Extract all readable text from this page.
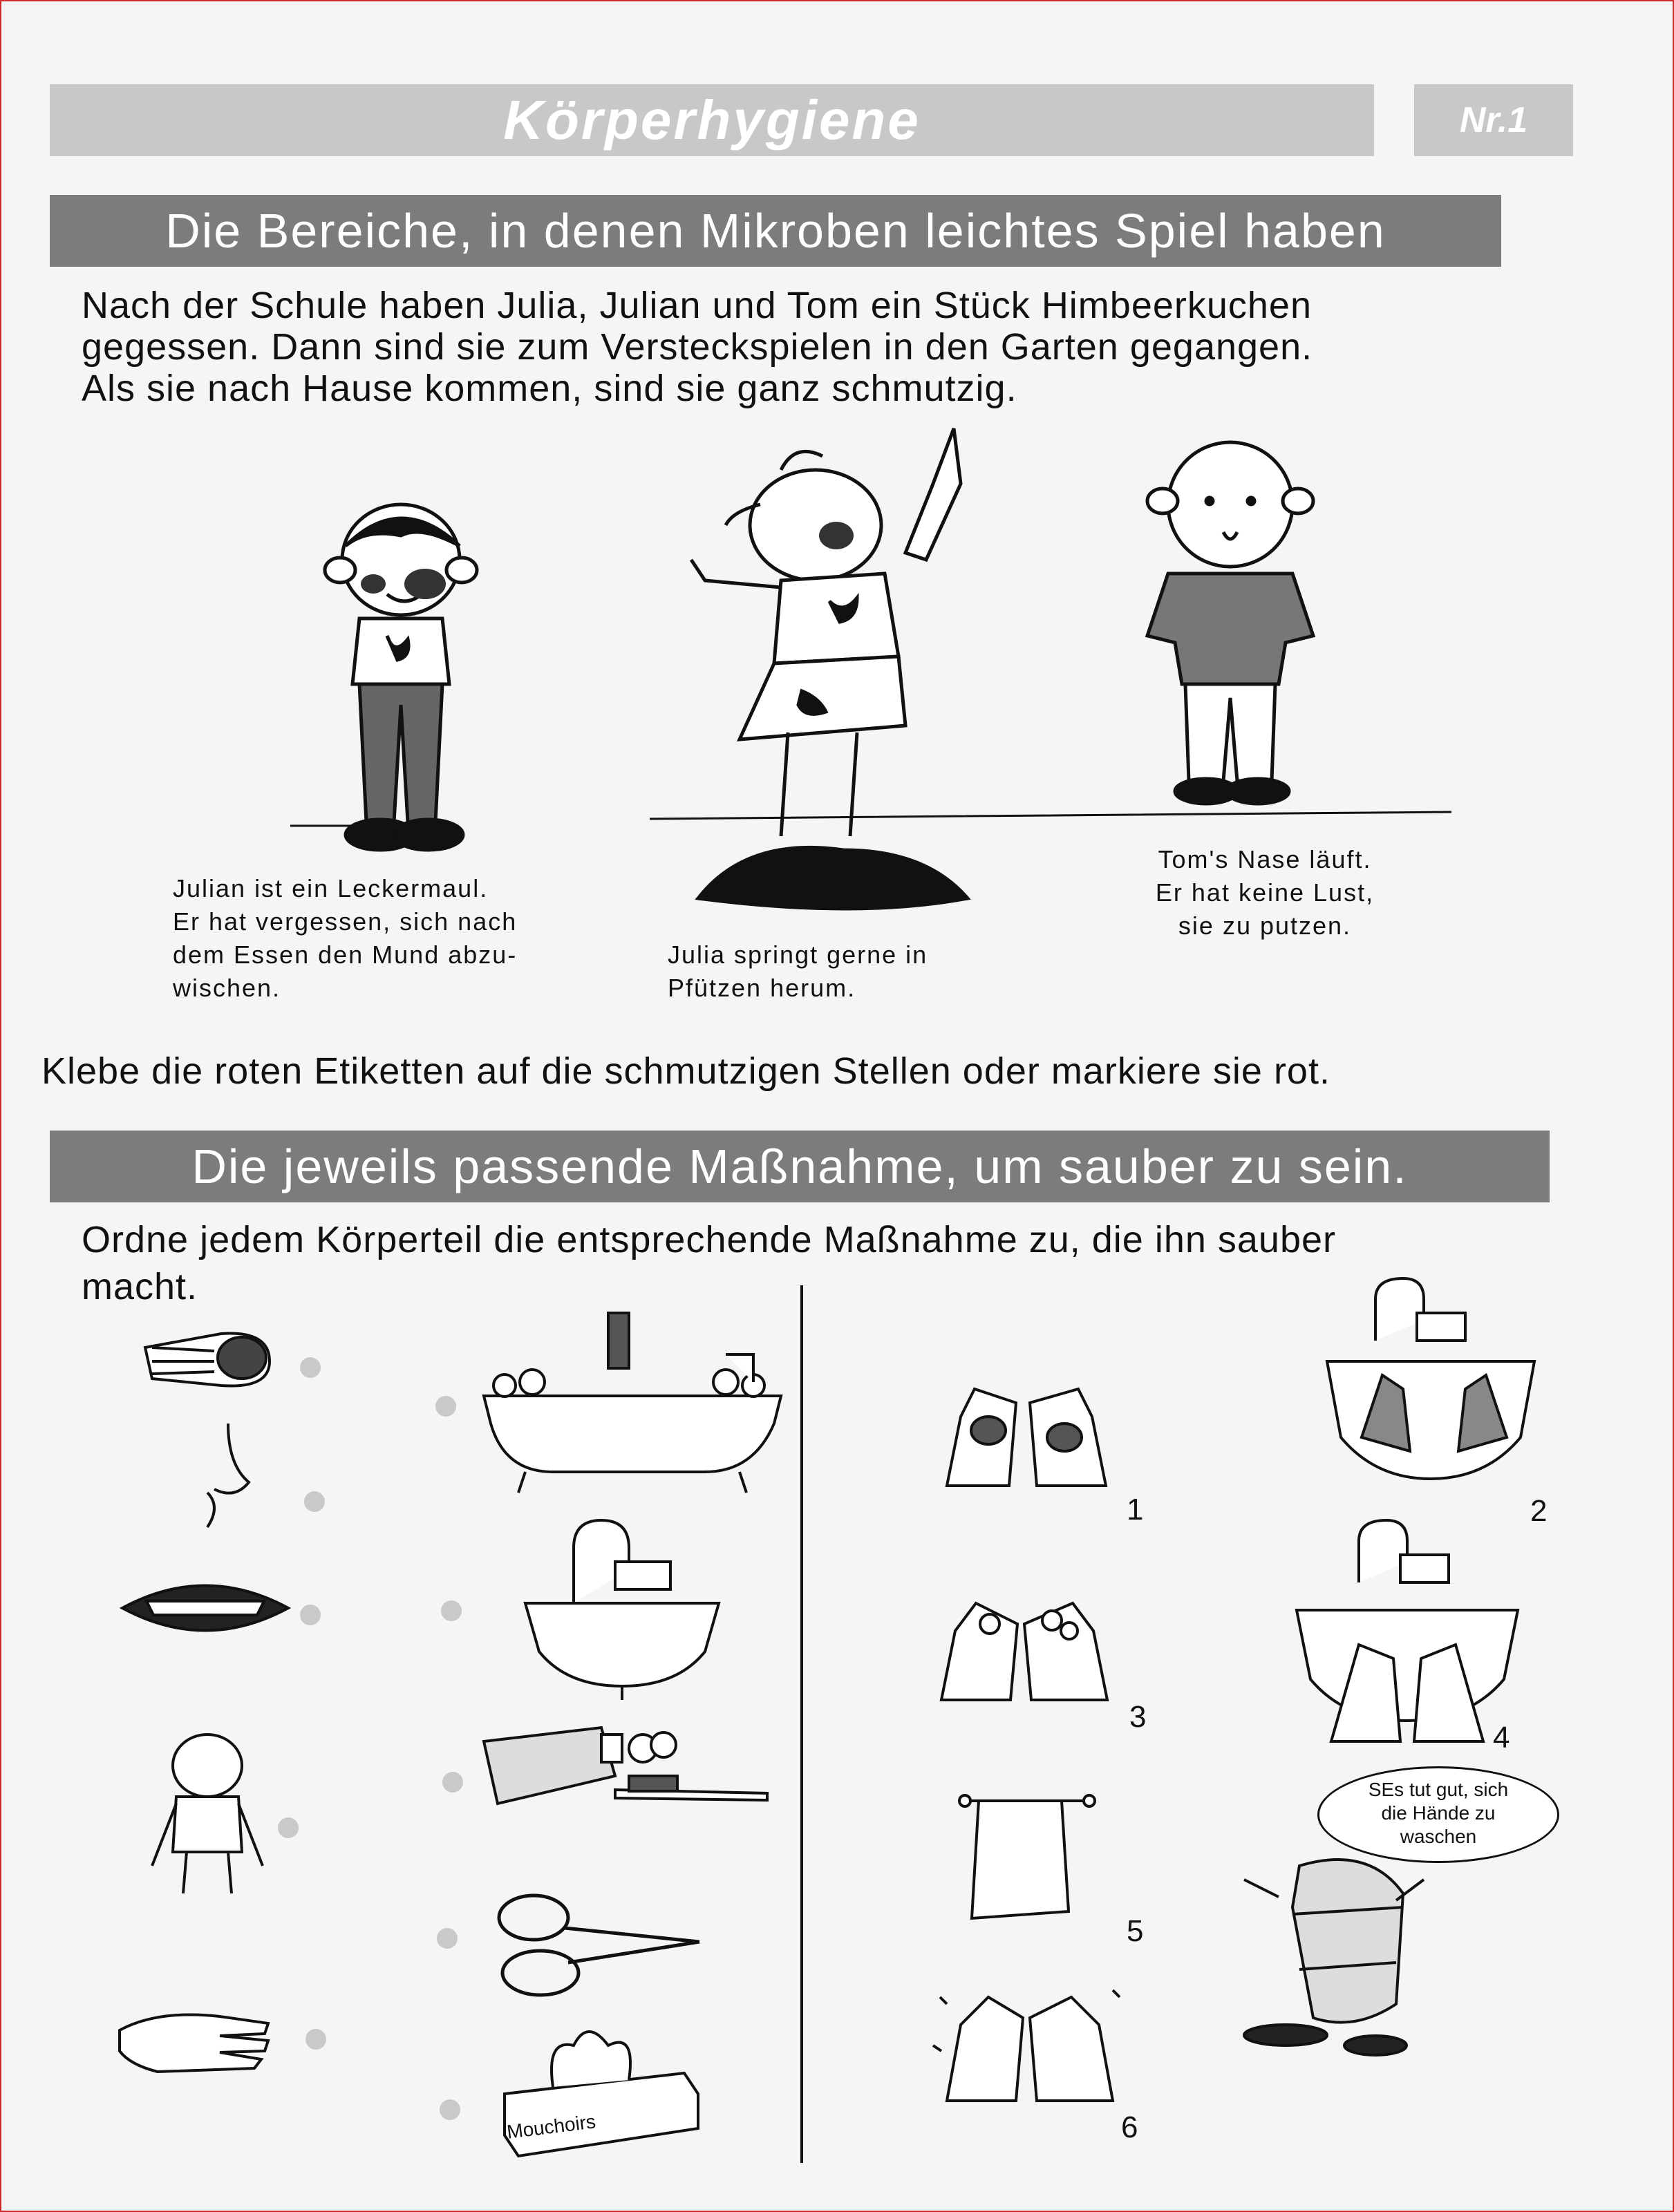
Körperhygiene	Nr.1
Die Bereiche, in denen Mikroben leichtes Spiel haben
Nach der Schule haben Julia, Julian und Tom ein Stück Himbeerkuchen
gegessen. Dann sind sie zum Versteckspielen in den Garten gegangen.
Als sie nach Hause kommen, sind sie ganz schmutzig.
Julian ist ein Leckermaul.
Er hat vergessen, sich nach
dem Essen den Mund abzu-
wischen.
Julia springt gerne in
Pfützen herum.
Tom's Nase läuft.
Er hat keine Lust,
sie zu putzen.
Klebe die roten Etiketten auf die schmutzigen Stellen oder markiere sie rot.
Die jeweils passende Maßnahme, um sauber zu sein.
Ordne jedem Körperteil die entsprechende Maßnahme zu, die ihn sauber
macht.
Mouchoirs
1	2
3
4
5
6
SEs tut gut, sich
die Hände zu
waschen
